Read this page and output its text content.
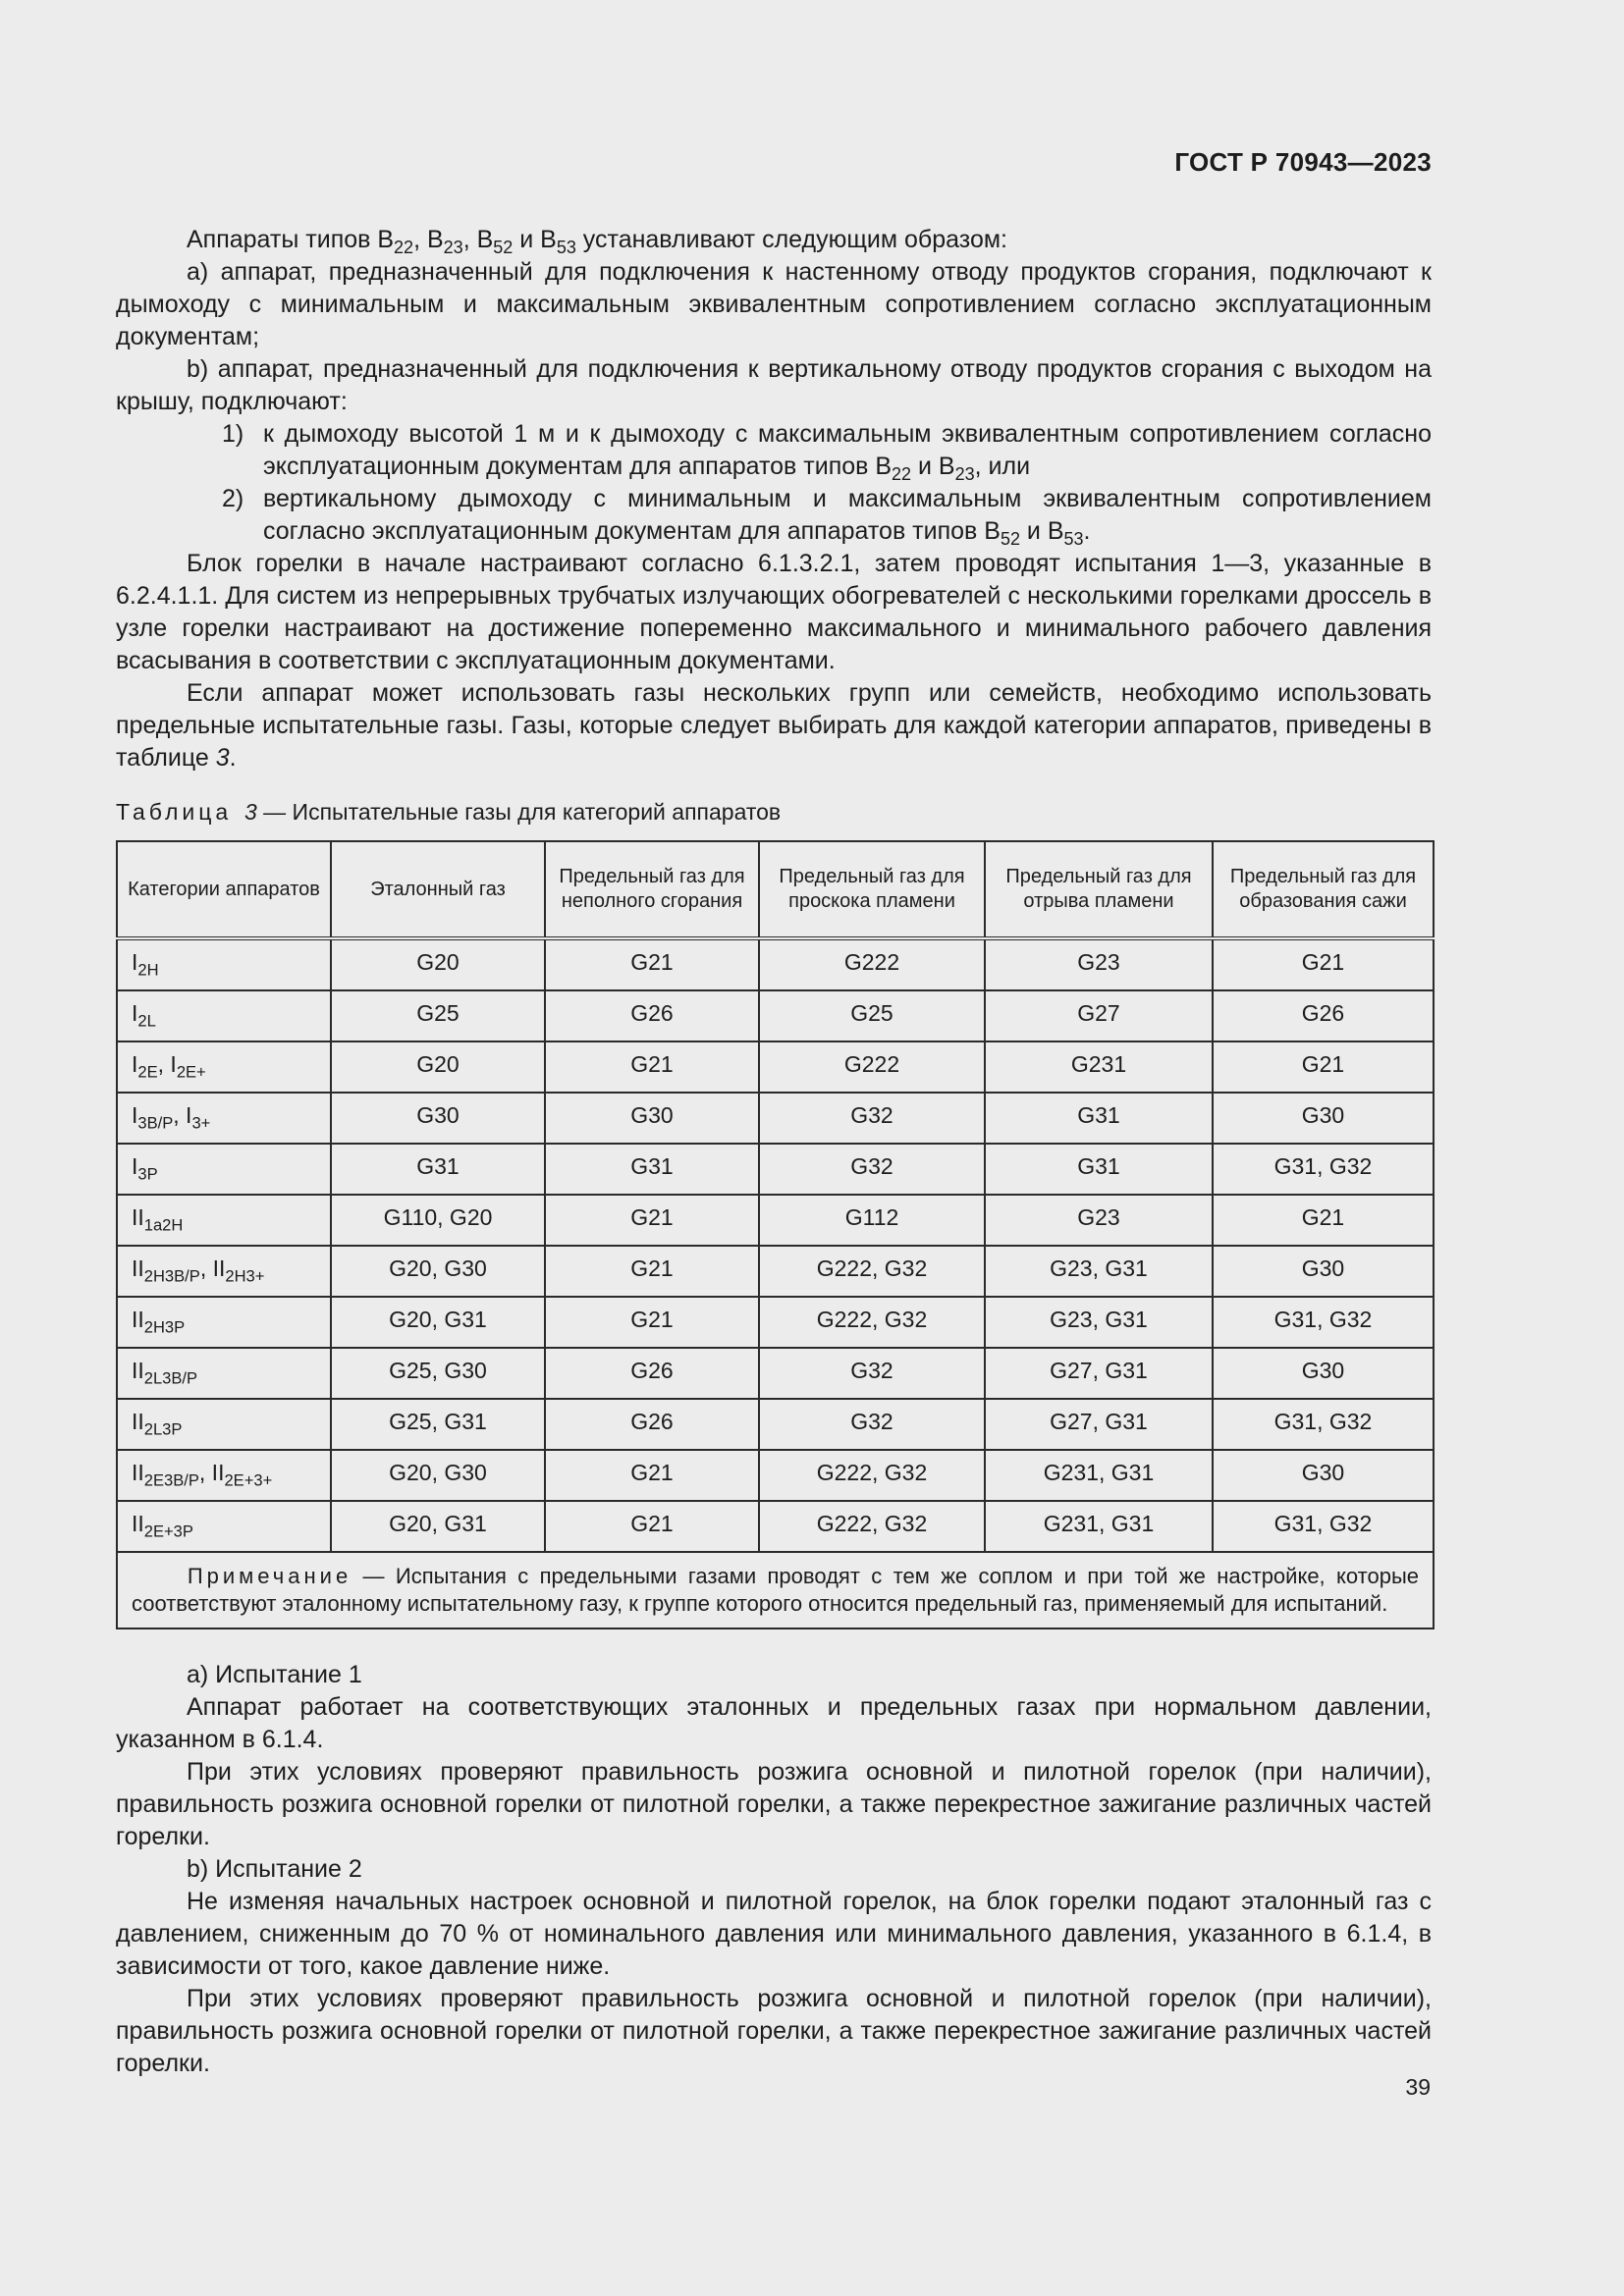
ГОСТ Р 70943—2023

Аппараты типов $B_{22}$, $B_{23}$, $B_{52}$ и $B_{53}$ устанавливают следующим образом:

a) аппарат, предназначенный для подключения к настенному отводу продуктов сгорания, подключают к дымоходу с минимальным и максимальным эквивалентным сопротивлением согласно эксплуатационным документам;

b) аппарат, предназначенный для подключения к вертикальному отводу продуктов сгорания с выходом на крышу, подключают:

1) к дымоходу высотой 1 м и к дымоходу с максимальным эквивалентным сопротивлением согласно эксплуатационным документам для аппаратов типов $B_{22}$ и $B_{23}$, или
2) вертикальному дымоходу с минимальным и максимальным эквивалентным сопротивлением согласно эксплуатационным документам для аппаратов типов $B_{52}$ и $B_{53}$.

Блок горелки в начале настраивают согласно 6.1.3.2.1, затем проводят испытания 1—3, указанные в 6.2.4.1.1. Для систем из непрерывных трубчатых излучающих обогревателей с несколькими горелками дроссель в узле горелки настраивают на достижение попеременно максимального и минимального рабочего давления всасывания в соответствии с эксплуатационным документами.

Если аппарат может использовать газы нескольких групп или семейств, необходимо использовать предельные испытательные газы. Газы, которые следует выбирать для каждой категории аппаратов, приведены в таблице 3.

Таблица 3 — Испытательные газы для категорий аппаратов
Категории аппаратов	Эталонный газ	Предельный газ для неполного сгорания	Предельный газ для проскока пламени	Предельный газ для отрыва пламени	Предельный газ для образования сажи
$I_{2H}$	G20	G21	G222	G23	G21
$I_{2L}$	G25	G26	G25	G27	G26
$I_{2E}$, $I_{2E+}$	G20	G21	G222	G231	G21
$I_{3B/P}$, $I_{3+}$	G30	G30	G32	G31	G30
$I_{3P}$	G31	G31	G32	G31	G31, G32
$II_{1a2H}$	G110, G20	G21	G112	G23	G21
$II_{2H3B/P}$, $II_{2H3+}$	G20, G30	G21	G222, G32	G23, G31	G30
$II_{2H3P}$	G20, G31	G21	G222, G32	G23, G31	G31, G32
$II_{2L3B/P}$	G25, G30	G26	G32	G27, G31	G30
$II_{2L3P}$	G25, G31	G26	G32	G27, G31	G31, G32
$II_{2E3B/P}$, $II_{2E+3+}$	G20, G30	G21	G222, G32	G231, G31	G30
$II_{2E+3P}$	G20, G31	G21	G222, G32	G231, G31	G31, G32
Примечание — Испытания с предельными газами проводят с тем же соплом и при той же настройке, которые соответствуют эталонному испытательному газу, к группе которого относится предельный газ, применяемый для испытаний.					

a) Испытание 1

Аппарат работает на соответствующих эталонных и предельных газах при нормальном давлении, указанном в 6.1.4.

При этих условиях проверяют правильность розжига основной и пилотной горелок (при наличии), правильность розжига основной горелки от пилотной горелки, а также перекрестное зажигание различных частей горелки.

b) Испытание 2

Не изменяя начальных настроек основной и пилотной горелок, на блок горелки подают эталонный газ с давлением, сниженным до 70 % от номинального давления или минимального давления, указанного в 6.1.4, в зависимости от того, какое давление ниже.

При этих условиях проверяют правильность розжига основной и пилотной горелок (при наличии), правильность розжига основной горелки от пилотной горелки, а также перекрестное зажигание различных частей горелки.

39
